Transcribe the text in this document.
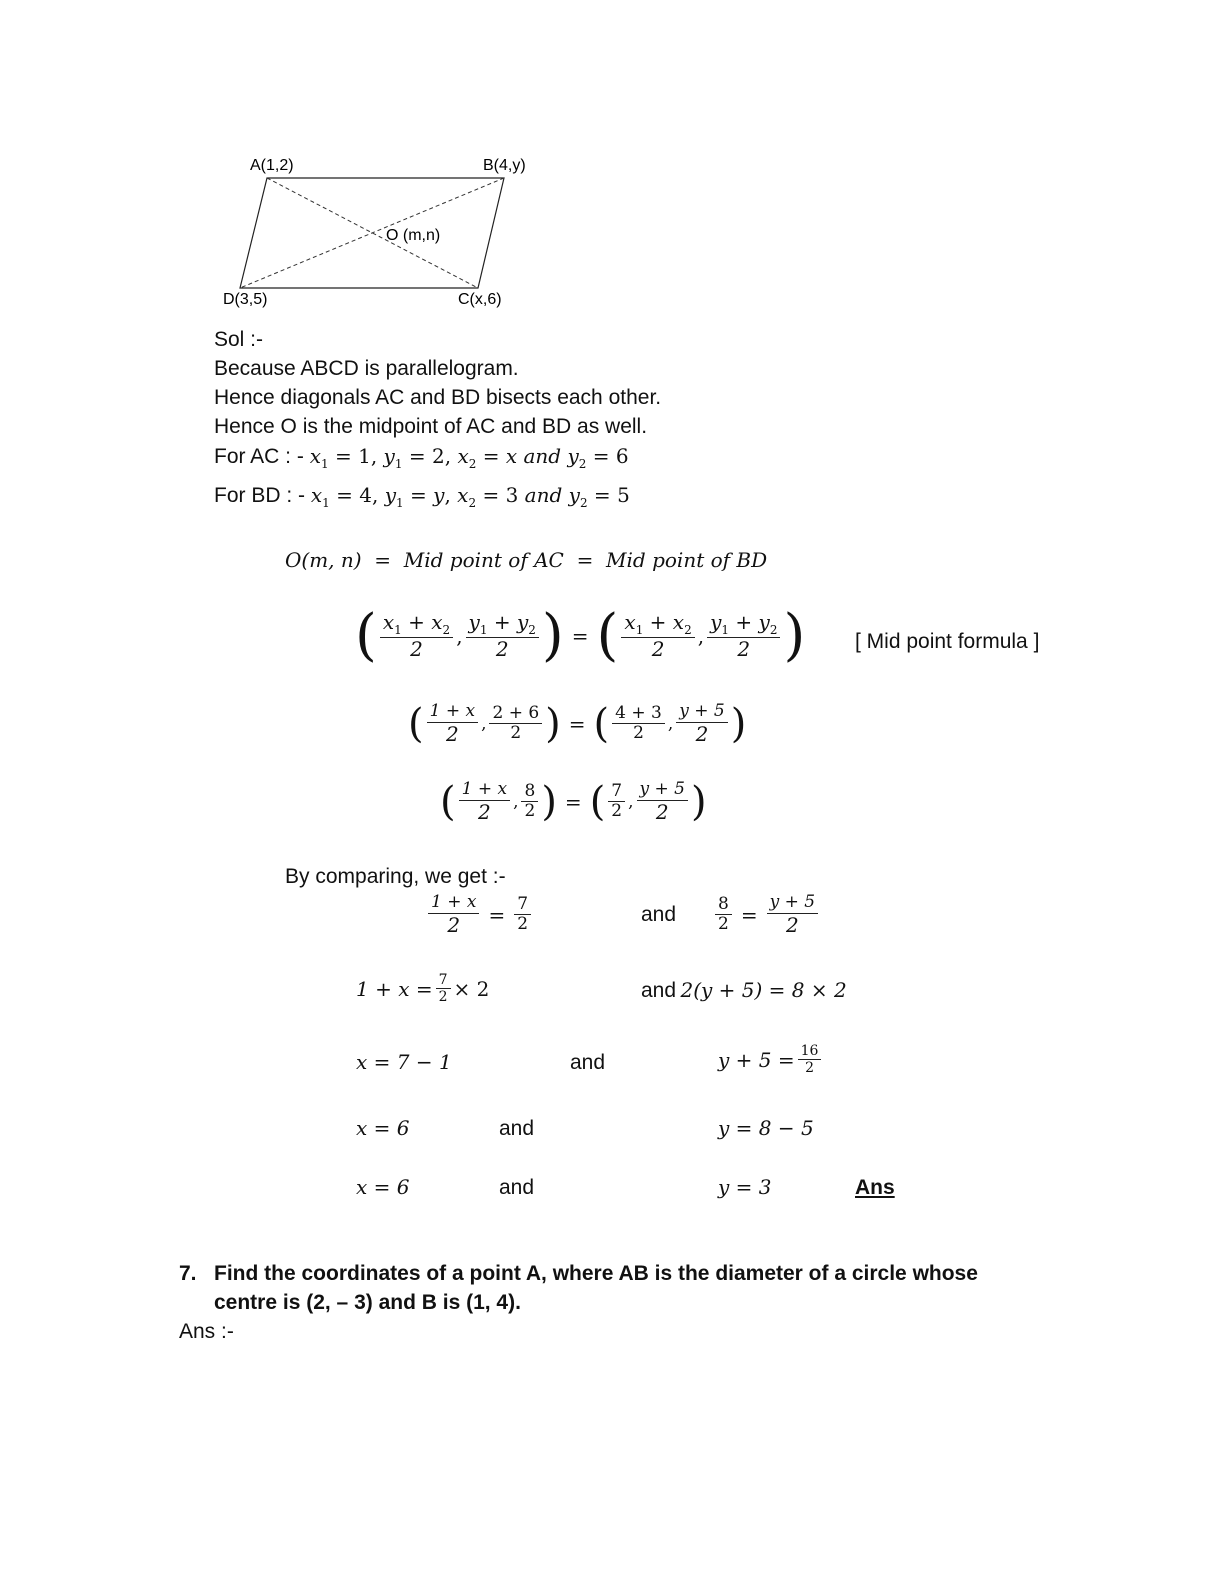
A(1,2)	B(4,y)
D(3,5)	C(x,6)
O (m,n)
Sol :-
Because ABCD is parallelogram.
Hence diagonals AC and BD bisects each other.
Hence O is the midpoint of AC and BD as well.
For AC : - $x_1 = 1$, $y_1 = 2$, $x_2 = x$ and $y_2 = 6$
For BD : - $x_1 = 4$, $y_1 = y$, $x_2 = 3$ and $y_2 = 5$
O(m, n)  =  Mid point of AC  =  Mid point of BD
( $\frac{x_1 + x_2}{2}$ , $\frac{y_1 + y_2}{2}$ ) = ( $\frac{x_1 + x_2}{2}$ , $\frac{y_1 + y_2}{2}$ ) [ Mid point formula ]
( $\frac{1 + x}{2}$ , $\frac{2 + 6}{2}$ ) = ( $\frac{4 + 3}{2}$ , $\frac{y + 5}{2}$ )
( $\frac{1 + x}{2}$ , $\frac{8}{2}$ ) = ( $\frac{7}{2}$ , $\frac{y + 5}{2}$ )
By comparing, we get :-
$\frac{1 + x}{2} = \frac{7}{2}$	and $\frac{8}{2} = \frac{y + 5}{2}$
$1 + x = \frac{7}{2} \times 2$	and 2(y + 5) = 8 × 2
x = 7 − 1	and	$y + 5 = \frac{16}{2}$
x = 6	and	y = 8 − 5
x = 6	and	y = 3	Ans
7. Find the coordinates of a point A, where AB is the diameter of a circle whose
centre is (2, – 3) and B is (1, 4).
Ans :-
